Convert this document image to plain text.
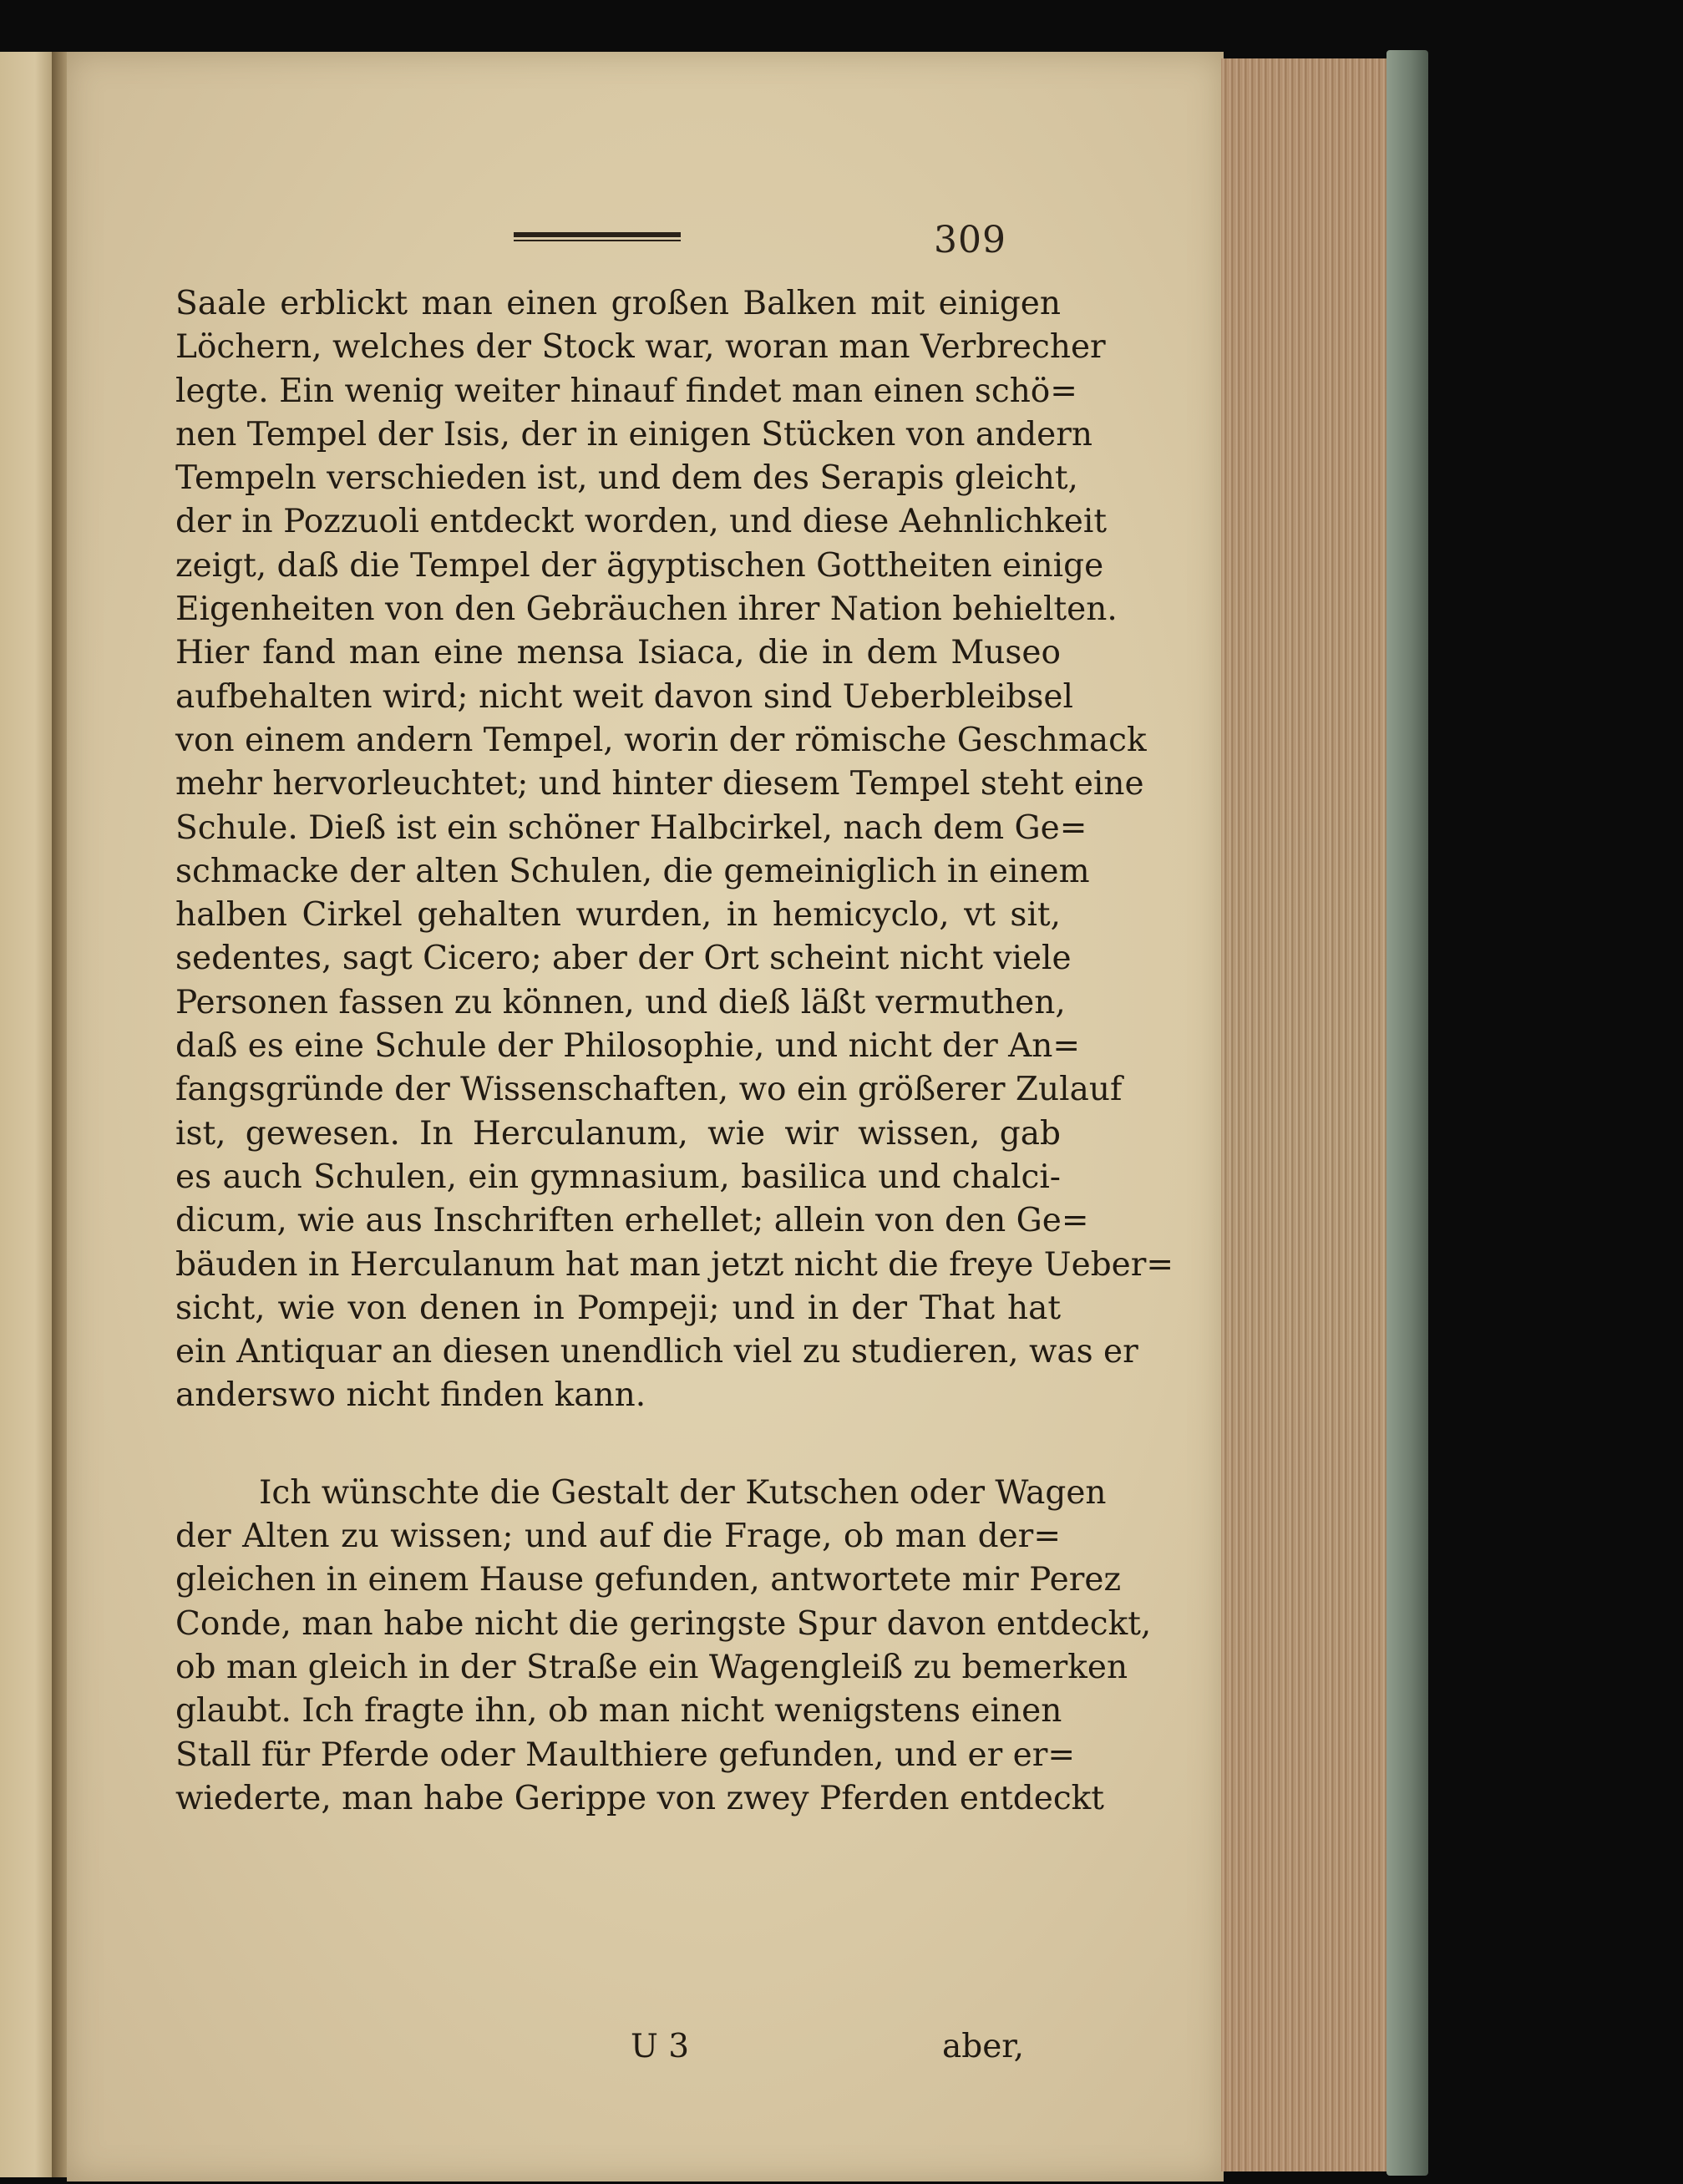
309
Saale erblickt man einen großen Balken mit einigen
Löchern, welches der Stock war, woran man Verbrecher
legte. Ein wenig weiter hinauf findet man einen schö=
nen Tempel der Isis, der in einigen Stücken von andern
Tempeln verschieden ist, und dem des Serapis gleicht,
der in Pozzuoli entdeckt worden, und diese Aehnlichkeit
zeigt, daß die Tempel der ägyptischen Gottheiten einige
Eigenheiten von den Gebräuchen ihrer Nation behielten.
Hier fand man eine mensa Isiaca, die in dem Museo
aufbehalten wird; nicht weit davon sind Ueberbleibsel
von einem andern Tempel, worin der römische Geschmack
mehr hervorleuchtet; und hinter diesem Tempel steht eine
Schule. Dieß ist ein schöner Halbcirkel, nach dem Ge=
schmacke der alten Schulen, die gemeiniglich in einem
halben Cirkel gehalten wurden, in hemicyclo, vt sit,
sedentes, sagt Cicero; aber der Ort scheint nicht viele
Personen fassen zu können, und dieß läßt vermuthen,
daß es eine Schule der Philosophie, und nicht der An=
fangsgründe der Wissenschaften, wo ein größerer Zulauf
ist, gewesen. In Herculanum, wie wir wissen, gab
es auch Schulen, ein gymnasium, basilica und chalci-
dicum, wie aus Inschriften erhellet; allein von den Ge=
bäuden in Herculanum hat man jetzt nicht die freye Ueber=
sicht, wie von denen in Pompeji; und in der That hat
ein Antiquar an diesen unendlich viel zu studieren, was er
anderswo nicht finden kann.
Ich wünschte die Gestalt der Kutschen oder Wagen
der Alten zu wissen; und auf die Frage, ob man der=
gleichen in einem Hause gefunden, antwortete mir Perez
Conde, man habe nicht die geringste Spur davon entdeckt,
ob man gleich in der Straße ein Wagengleiß zu bemerken
glaubt. Ich fragte ihn, ob man nicht wenigstens einen
Stall für Pferde oder Maulthiere gefunden, und er er=
wiederte, man habe Gerippe von zwey Pferden entdeckt
U 3	aber,
